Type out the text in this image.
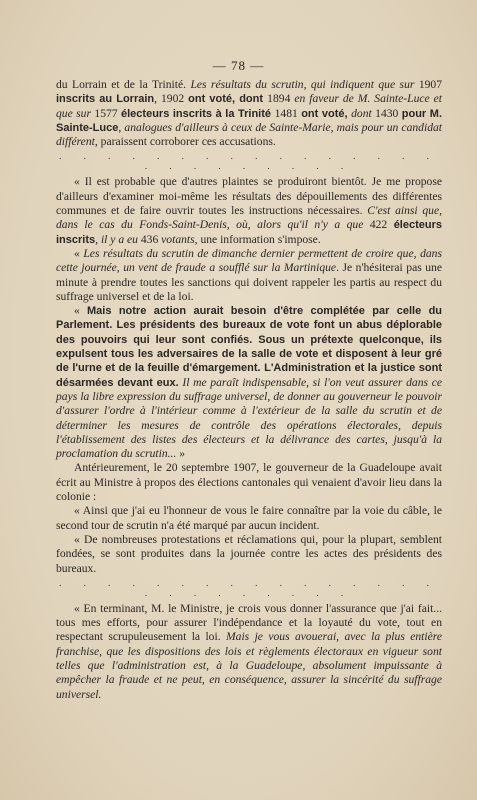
— 78 —

du Lorrain et de la Trinité. Les résultats du scrutin, qui indiquent que sur 1907 inscrits au Lorrain, 1902 ont voté, dont 1894 en faveur de M. Sainte-Luce et que sur 1577 électeurs inscrits à la Trinité 1481 ont voté, dont 1430 pour M. Sainte-Luce, analogues d'ailleurs à ceux de Sainte-Marie, mais pour un candidat différent, paraissent corroborer ces accusations.

. . . . . . . . . . . . . . . . . . . . . . . . .

« Il est probable que d'autres plaintes se produiront bientôt. Je me propose d'ailleurs d'examiner moi-même les résultats des dépouillements des différentes communes et de faire ouvrir toutes les instructions nécessaires. C'est ainsi que, dans le cas du Fonds-Saint-Denis, où, alors qu'il n'y a que 422 électeurs inscrits, il y a eu 436 votants, une information s'impose.

« Les résultats du scrutin de dimanche dernier permettent de croire que, dans cette journée, un vent de fraude a soufflé sur la Martinique. Je n'hésiterai pas une minute à prendre toutes les sanctions qui doivent rappeler les partis au respect du suffrage universel et de la loi.

« Mais notre action aurait besoin d'être complétée par celle du Parlement. Les présidents des bureaux de vote font un abus déplorable des pouvoirs qui leur sont confiés. Sous un prétexte quelconque, ils expulsent tous les adversaires de la salle de vote et disposent à leur gré de l'urne et de la feuille d'émargement. L'Administration et la justice sont désarmées devant eux. Il me paraît indispensable, si l'on veut assurer dans ce pays la libre expression du suffrage universel, de donner au gouverneur le pouvoir d'assurer l'ordre à l'intérieur comme à l'extérieur de la salle du scrutin et de déterminer les mesures de contrôle des opérations électorales, depuis l'établissement des listes des électeurs et la délivrance des cartes, jusqu'à la proclamation du scrutin... »

Antérieurement, le 20 septembre 1907, le gouverneur de la Guadeloupe avait écrit au Ministre à propos des élections cantonales qui venaient d'avoir lieu dans la colonie :

« Ainsi que j'ai eu l'honneur de vous le faire connaître par la voie du câble, le second tour de scrutin n'a été marqué par aucun incident.

« De nombreuses protestations et réclamations qui, pour la plupart, semblent fondées, se sont produites dans la journée contre les actes des présidents des bureaux.

. . . . . . . . . . . . . . . . . . . . . . . . .

« En terminant, M. le Ministre, je crois vous donner l'assurance que j'ai fait... tous mes efforts, pour assurer l'indépendance et la loyauté du vote, tout en respectant scrupuleusement la loi. Mais je vous avouerai, avec la plus entière franchise, que les dispositions des lois et règlements électoraux en vigueur sont telles que l'administration est, à la Guadeloupe, absolument impuissante à empêcher la fraude et ne peut, en conséquence, assurer la sincérité du suffrage universel.
